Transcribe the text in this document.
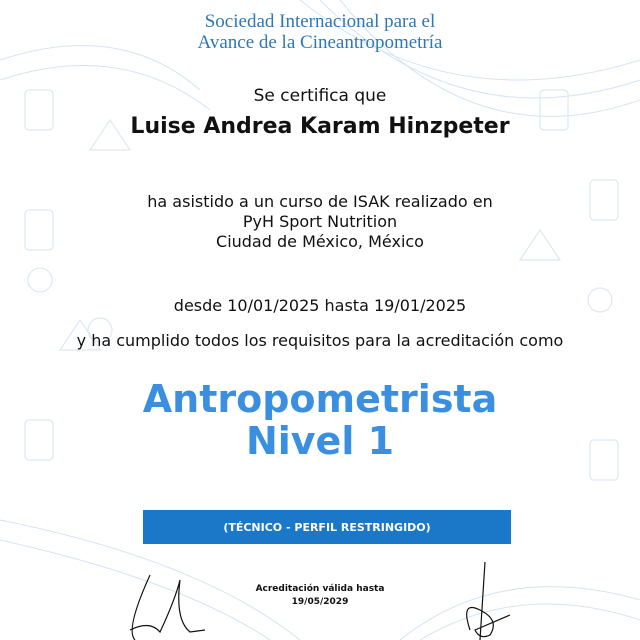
Sociedad Internacional para el
Avance de la Cineantropometría
Se certifica que
Luise Andrea Karam Hinzpeter
ha asistido a un curso de ISAK realizado en
PyH Sport Nutrition
Ciudad de México, México
desde 10/01/2025 hasta 19/01/2025
y ha cumplido todos los requisitos para la acreditación como
Antropometrista
Nivel 1
(TÉCNICO - PERFIL RESTRINGIDO)
Acreditación válida hasta
19/05/2029
